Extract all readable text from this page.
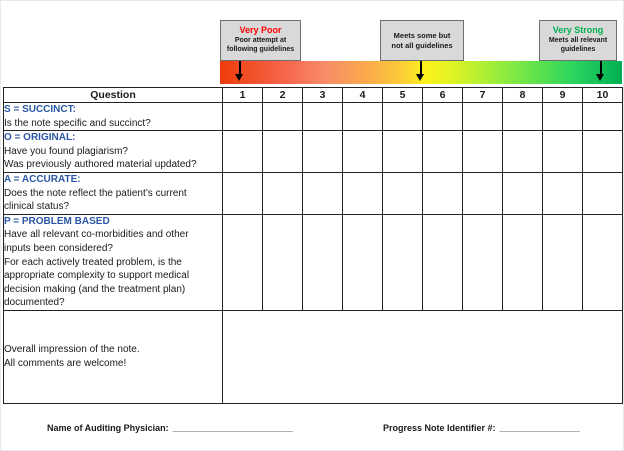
Very Poor
Poor attempt at
following guidelines
Meets some but
not all guidelines
Very Strong
Meets all relevant
guidelines
Question	1	2	3	4	5	6	7	8	9	10

S = SUCCINCT:
Is the note specific and succinct?										

O = ORIGINAL:
Have you found plagiarism?
Was previously authored material updated?										

A = ACCURATE:
Does the note reflect the patient’s current
clinical status?										

P = PROBLEM BASED
Have all relevant co-morbidities and other
inputs been considered?
For each actively treated problem, is the
appropriate complexity to support medical
decision making (and the treatment plan)
documented?

Overall impression of the note.
All comments are welcome!										

Name of Auditing Physician: ________________________	Progress Note Identifier #: ________________
